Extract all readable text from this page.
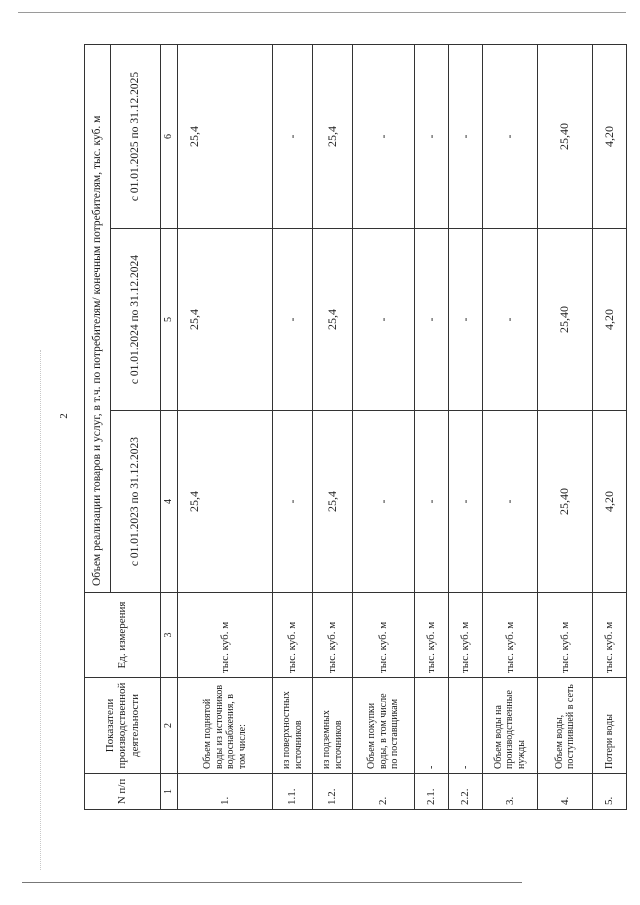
2
N п/п	Показатели производственной деятельности	Ед. измерения	Объем реализации товаров и услуг, в т.ч. по потребителям/ конечным потребителям, тыс. куб. м		
			с 01.01.2023 по 31.12.2023	с 01.01.2024 по 31.12.2024	с 01.01.2025 по 31.12.2025
1	2	3	4	5	6
1.	Объем поднятой воды из источников водоснабжения, в том числе:	тыс. куб. м	25,4	25,4	25,4
1.1.	из поверхностных источников	тыс. куб. м	-	-	-
1.2.	из подземных источников	тыс. куб. м	25,4	25,4	25,4
2.	Объем покупки воды, в том числе по поставщикам	тыс. куб. м	-	-	-
2.1.	-	тыс. куб. м	-	-	-
2.2.	-	тыс. куб. м	-	-	-
3.	Объем воды на производственные нужды	тыс. куб. м	-	-	-
4.	Объем воды, поступившей в сеть	тыс. куб. м	25,40	25,40	25,40
5.	Потери воды	тыс. куб. м	4,20	4,20	4,20
